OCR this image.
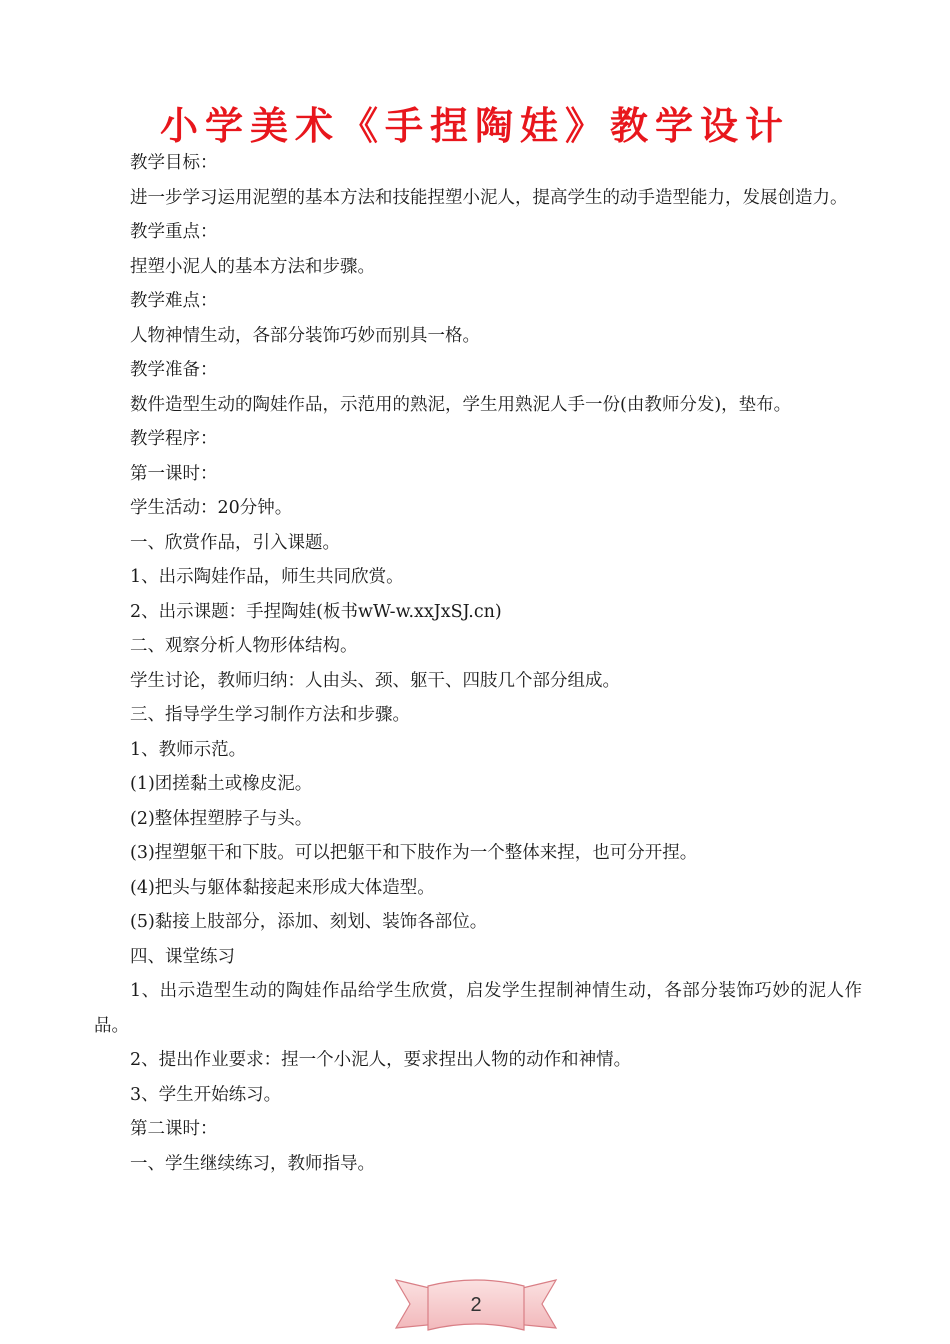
小学美术《手捏陶娃》教学设计

教学目标：

进一步学习运用泥塑的基本方法和技能捏塑小泥人，提高学生的动手造型能力，发展创造力。

教学重点：

捏塑小泥人的基本方法和步骤。

教学难点：

人物神情生动，各部分装饰巧妙而别具一格。

教学准备：

数件造型生动的陶娃作品，示范用的熟泥，学生用熟泥人手一份(由教师分发)，垫布。

教学程序：

第一课时：

学生活动：20分钟。

一、欣赏作品，引入课题。

1、出示陶娃作品，师生共同欣赏。

2、出示课题：手捏陶娃(板书wW-w.xxJxSJ.cn)

二、观察分析人物形体结构。

学生讨论，教师归纳：人由头、颈、躯干、四肢几个部分组成。

三、指导学生学习制作方法和步骤。

1、教师示范。

(1)团搓黏土或橡皮泥。

(2)整体捏塑脖子与头。

(3)捏塑躯干和下肢。可以把躯干和下肢作为一个整体来捏，也可分开捏。

(4)把头与躯体黏接起来形成大体造型。

(5)黏接上肢部分，添加、刻划、装饰各部位。

四、课堂练习

1、出示造型生动的陶娃作品给学生欣赏，启发学生捏制神情生动，各部分装饰巧妙的泥人作品。

2、提出作业要求：捏一个小泥人，要求捏出人物的动作和神情。

3、学生开始练习。

第二课时：

一、学生继续练习，教师指导。

2
